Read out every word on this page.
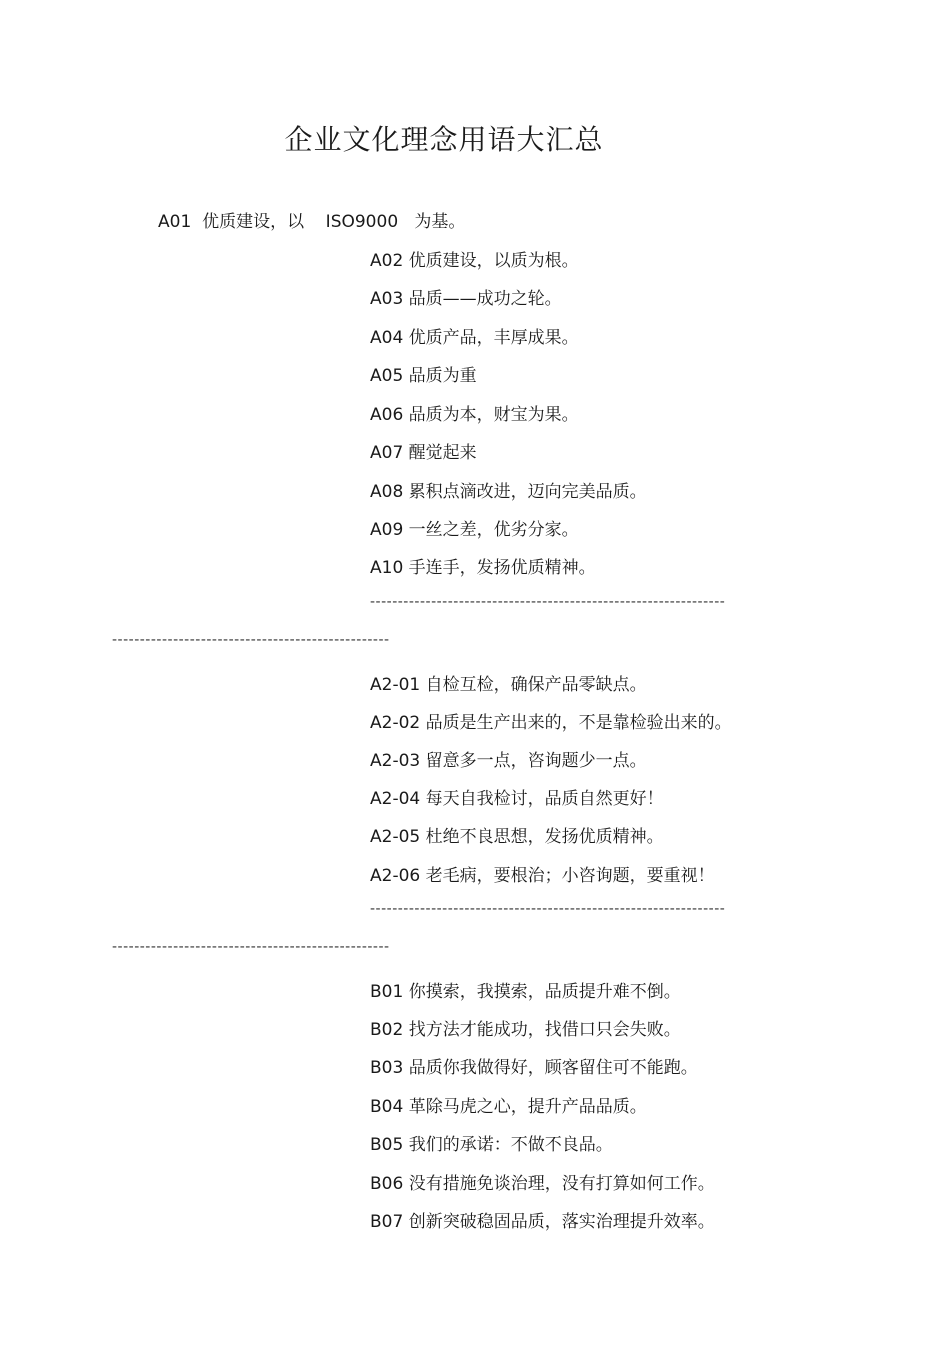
企业文化理念用语大汇总
A01  优质建设，以    ISO9000   为基。
A02 优质建设，以质为根。
A03 品质——成功之轮。
A04 优质产品，丰厚成果。
A05 品质为重
A06 品质为本，财宝为果。
A07 醒觉起来
A08 累积点滴改进，迈向完美品质。
A09 一丝之差，优劣分家。
A10 手连手，发扬优质精神。
----------------------------------------------------------------
--------------------------------------------------
A2-01 自检互检，确保产品零缺点。
A2-02 品质是生产出来的，不是靠检验出来的。
A2-03 留意多一点，咨询题少一点。
A2-04 每天自我检讨，品质自然更好！
A2-05 杜绝不良思想，发扬优质精神。
A2-06 老毛病，要根治；小咨询题，要重视！
----------------------------------------------------------------
--------------------------------------------------
B01 你摸索，我摸索，品质提升难不倒。
B02 找方法才能成功，找借口只会失败。
B03 品质你我做得好，顾客留住可不能跑。
B04 革除马虎之心，提升产品品质。
B05 我们的承诺：不做不良品。
B06 没有措施免谈治理，没有打算如何工作。
B07 创新突破稳固品质，落实治理提升效率。
